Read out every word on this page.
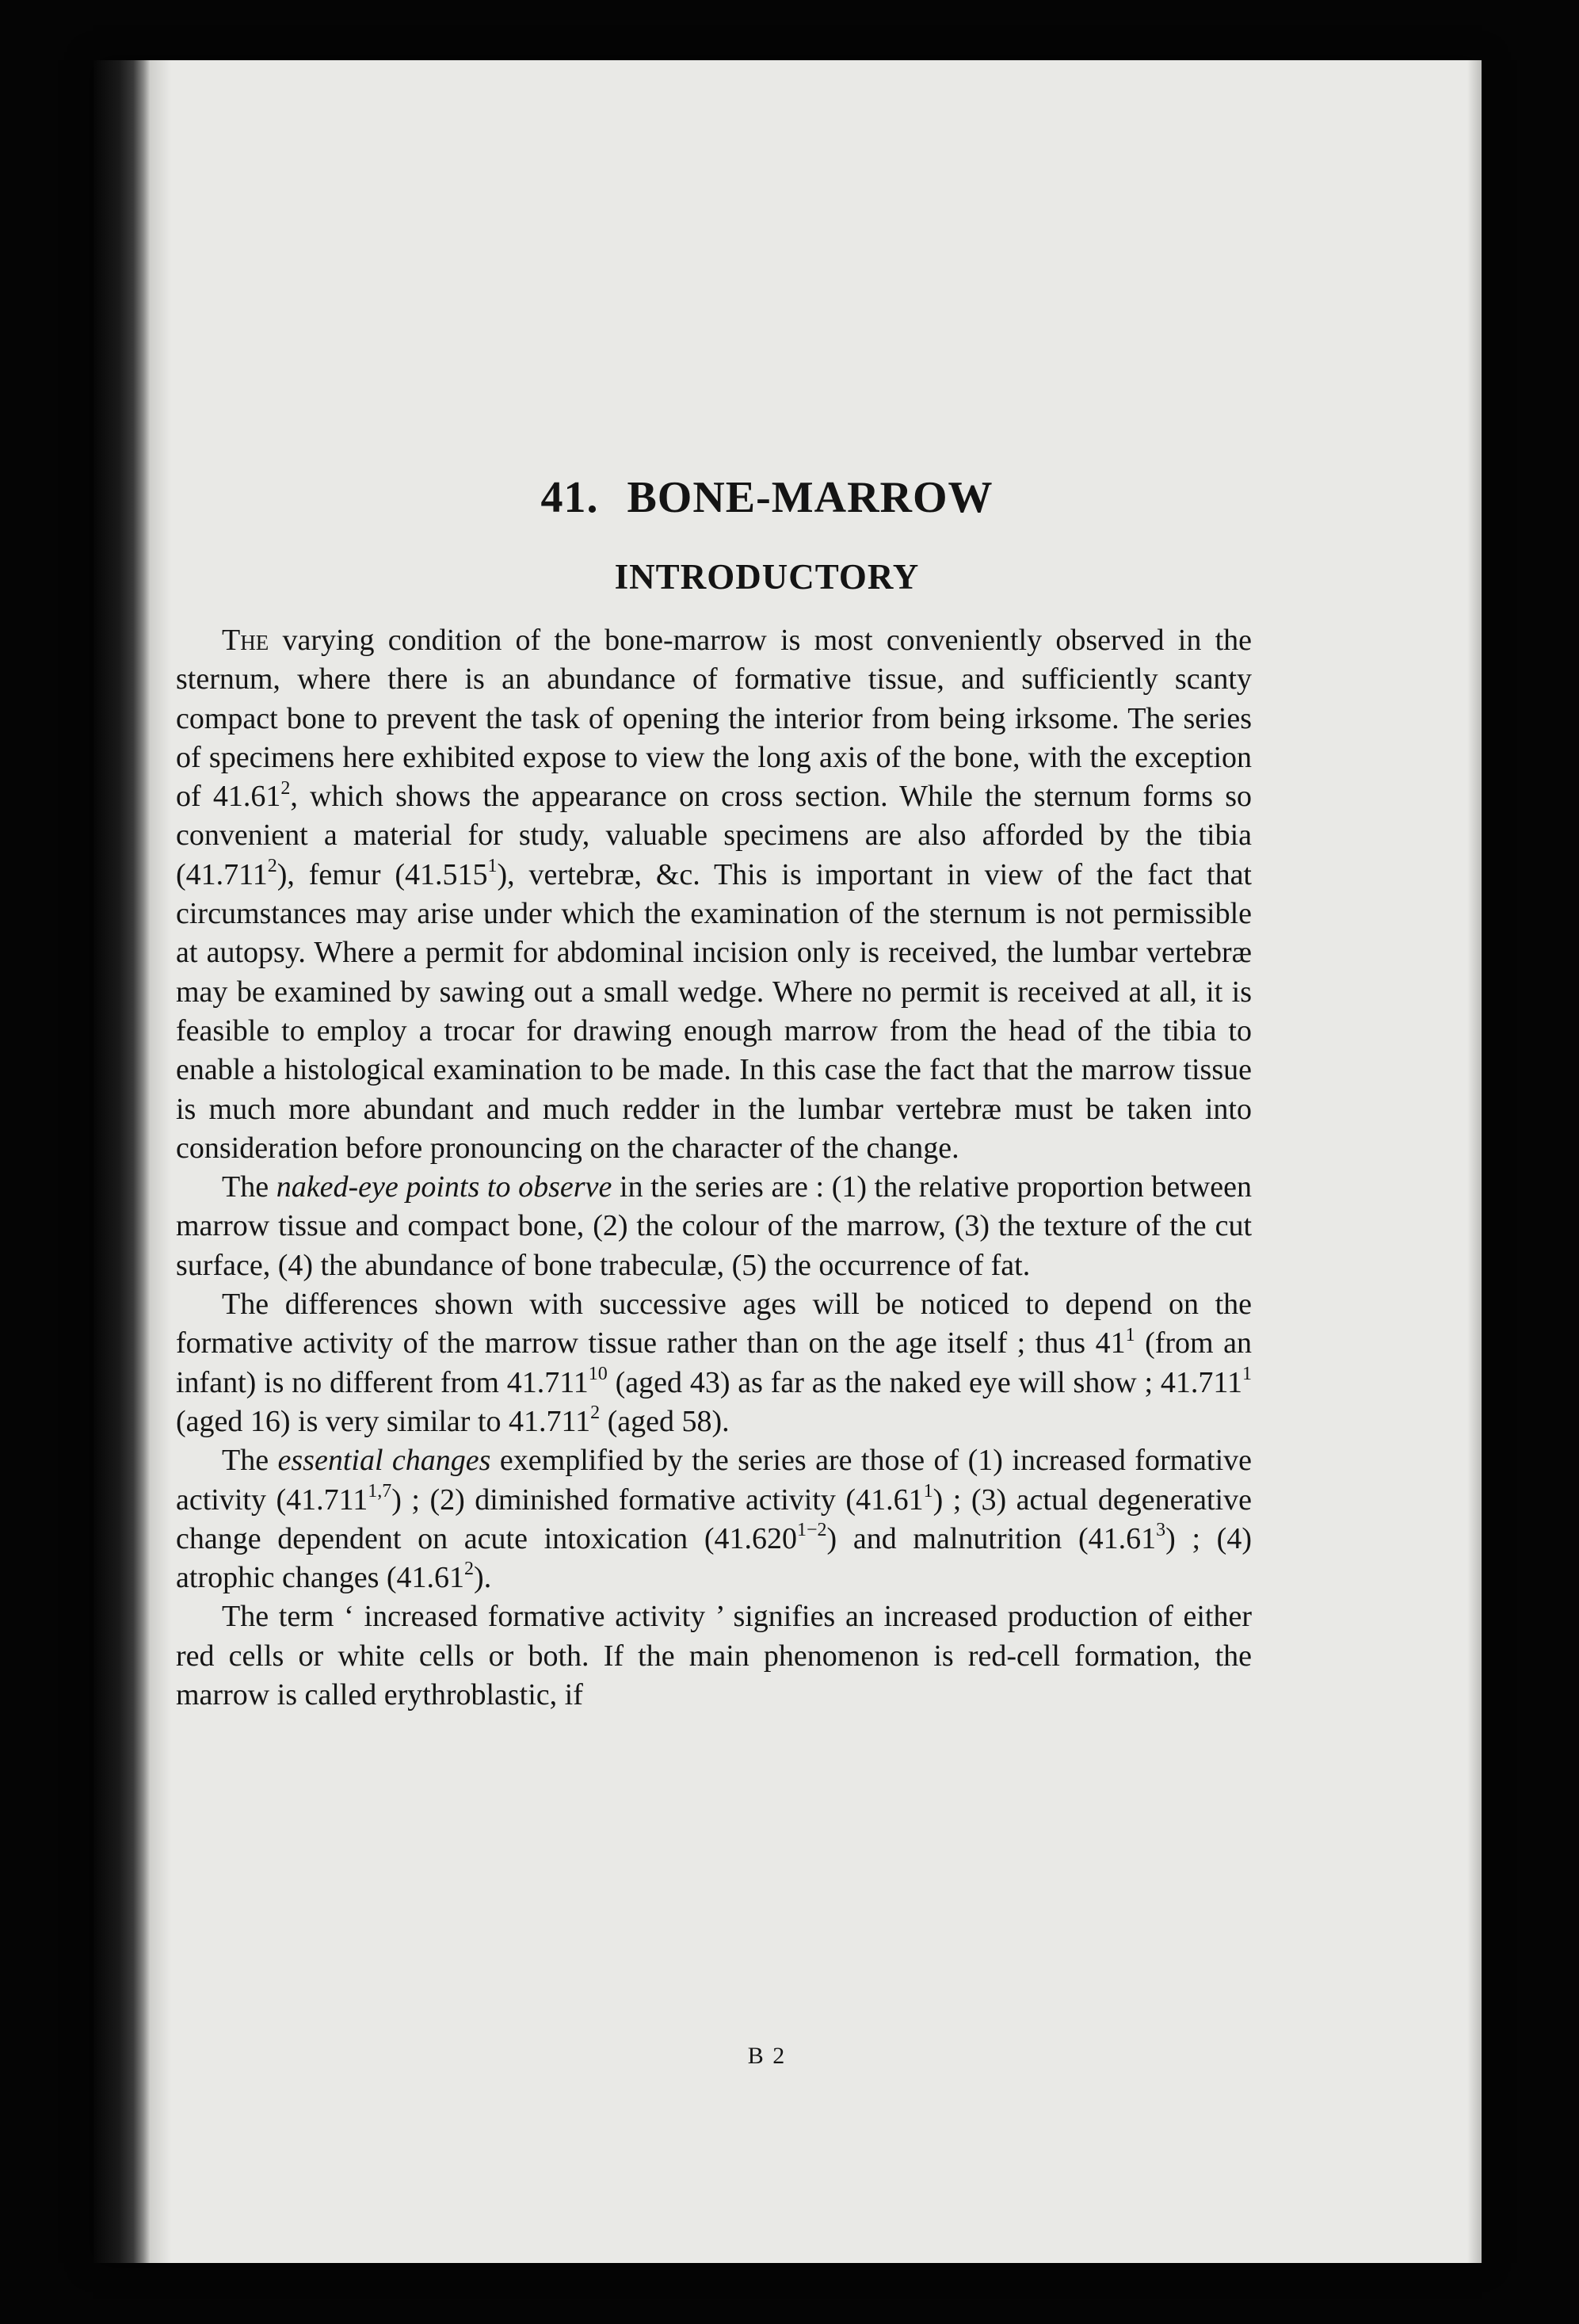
41. BONE-MARROW
INTRODUCTORY

The varying condition of the bone-marrow is most conveniently observed in the sternum, where there is an abundance of formative tissue, and sufficiently scanty compact bone to prevent the task of opening the interior from being irksome. The series of specimens here exhibited expose to view the long axis of the bone, with the exception of 41.61$^2$, which shows the appearance on cross section. While the sternum forms so convenient a material for study, valuable specimens are also afforded by the tibia (41.711$^2$), femur (41.515$^1$), vertebræ, &c. This is important in view of the fact that circumstances may arise under which the examination of the sternum is not permissible at autopsy. Where a permit for abdominal incision only is received, the lumbar vertebræ may be examined by sawing out a small wedge. Where no permit is received at all, it is feasible to employ a trocar for drawing enough marrow from the head of the tibia to enable a histological examination to be made. In this case the fact that the marrow tissue is much more abundant and much redder in the lumbar vertebræ must be taken into consideration before pronouncing on the character of the change.

The naked-eye points to observe in the series are : (1) the relative proportion between marrow tissue and compact bone, (2) the colour of the marrow, (3) the texture of the cut surface, (4) the abundance of bone trabeculæ, (5) the occurrence of fat.

The differences shown with successive ages will be noticed to depend on the formative activity of the marrow tissue rather than on the age itself ; thus $41^1$ (from an infant) is no different from 41.711$^{10}$ (aged 43) as far as the naked eye will show ; 41.711$^1$ (aged 16) is very similar to 41.711$^2$ (aged 58).

The essential changes exemplified by the series are those of (1) increased formative activity (41.711$^{1,7}$) ; (2) diminished formative activity (41.61$^1$) ; (3) actual degenerative change dependent on acute intoxication $(41.620^{1-2})$ and malnutrition (41.61$^3$) ; (4) atrophic changes (41.61$^2$).

The term ‘ increased formative activity ’ signifies an increased production of either red cells or white cells or both. If the main phenomenon is red-cell formation, the marrow is called erythroblastic, if

B 2
